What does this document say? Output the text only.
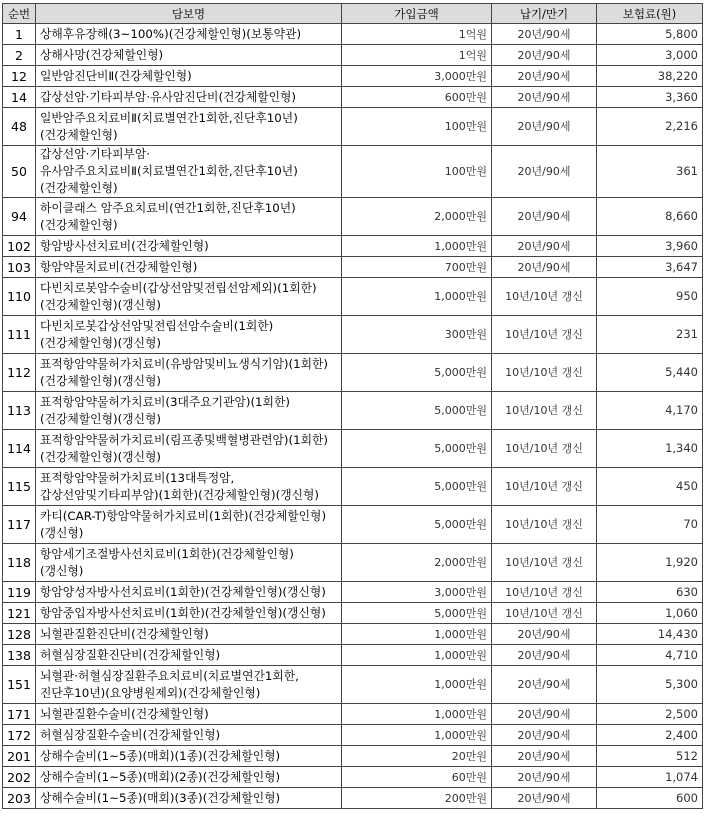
순번	담보명	가입금액	납기/만기	보험료(원)
1	상해후유장해(3~100%)(건강체할인형)(보통약관)	1억원	20년/90세	5,800
2	상해사망(건강체할인형)	1억원	20년/90세	3,000
12	일반암진단비Ⅱ(건강체할인형)	3,000만원	20년/90세	38,220
14	갑상선암·기타피부암·유사암진단비(건강체할인형)	600만원	20년/90세	3,360
48	일반암주요치료비Ⅱ(치료별연간1회한,진단후10년)(건강체할인형)	100만원	20년/90세	2,216
50	갑상선암·기타피부암·유사암주요치료비Ⅱ(치료별연간1회한,진단후10년)(건강체할인형)	100만원	20년/90세	361
94	하이클래스 암주요치료비(연간1회한,진단후10년)(건강체할인형)	2,000만원	20년/90세	8,660
102	항암방사선치료비(건강체할인형)	1,000만원	20년/90세	3,960
103	항암약물치료비(건강체할인형)	700만원	20년/90세	3,647
110	다빈치로봇암수술비(갑상선암및전립선암제외)(1회한)(건강체할인형)(갱신형)	1,000만원	10년/10년 갱신	950
111	다빈치로봇갑상선암및전립선암수술비(1회한)(건강체할인형)(갱신형)	300만원	10년/10년 갱신	231
112	표적항암약물허가치료비(유방암및비뇨생식기암)(1회한)(건강체할인형)(갱신형)	5,000만원	10년/10년 갱신	5,440
113	표적항암약물허가치료비(3대주요기관암)(1회한)(건강체할인형)(갱신형)	5,000만원	10년/10년 갱신	4,170
114	표적항암약물허가치료비(림프종및백혈병관련암)(1회한)(건강체할인형)(갱신형)	5,000만원	10년/10년 갱신	1,340
115	표적항암약물허가치료비(13대특정암,갑상선암및기타피부암)(1회한)(건강체할인형)(갱신형)	5,000만원	10년/10년 갱신	450
117	카티(CAR-T)항암약물허가치료비(1회한)(건강체할인형)(갱신형)	5,000만원	10년/10년 갱신	70
118	항암세기조절방사선치료비(1회한)(건강체할인형)(갱신형)	2,000만원	10년/10년 갱신	1,920
119	항암양성자방사선치료비(1회한)(건강체할인형)(갱신형)	3,000만원	10년/10년 갱신	630
121	항암중입자방사선치료비(1회한)(건강체할인형)(갱신형)	5,000만원	10년/10년 갱신	1,060
128	뇌혈관질환진단비(건강체할인형)	1,000만원	20년/90세	14,430
138	허혈심장질환진단비(건강체할인형)	1,000만원	20년/90세	4,710
151	뇌혈관·허혈심장질환주요치료비(치료별연간1회한,진단후10년)(요양병원제외)(건강체할인형)	1,000만원	20년/90세	5,300
171	뇌혈관질환수술비(건강체할인형)	1,000만원	20년/90세	2,500
172	허혈심장질환수술비(건강체할인형)	1,000만원	20년/90세	2,400
201	상해수술비(1~5종)(매회)(1종)(건강체할인형)	20만원	20년/90세	512
202	상해수술비(1~5종)(매회)(2종)(건강체할인형)	60만원	20년/90세	1,074
203	상해수술비(1~5종)(매회)(3종)(건강체할인형)	200만원	20년/90세	600
